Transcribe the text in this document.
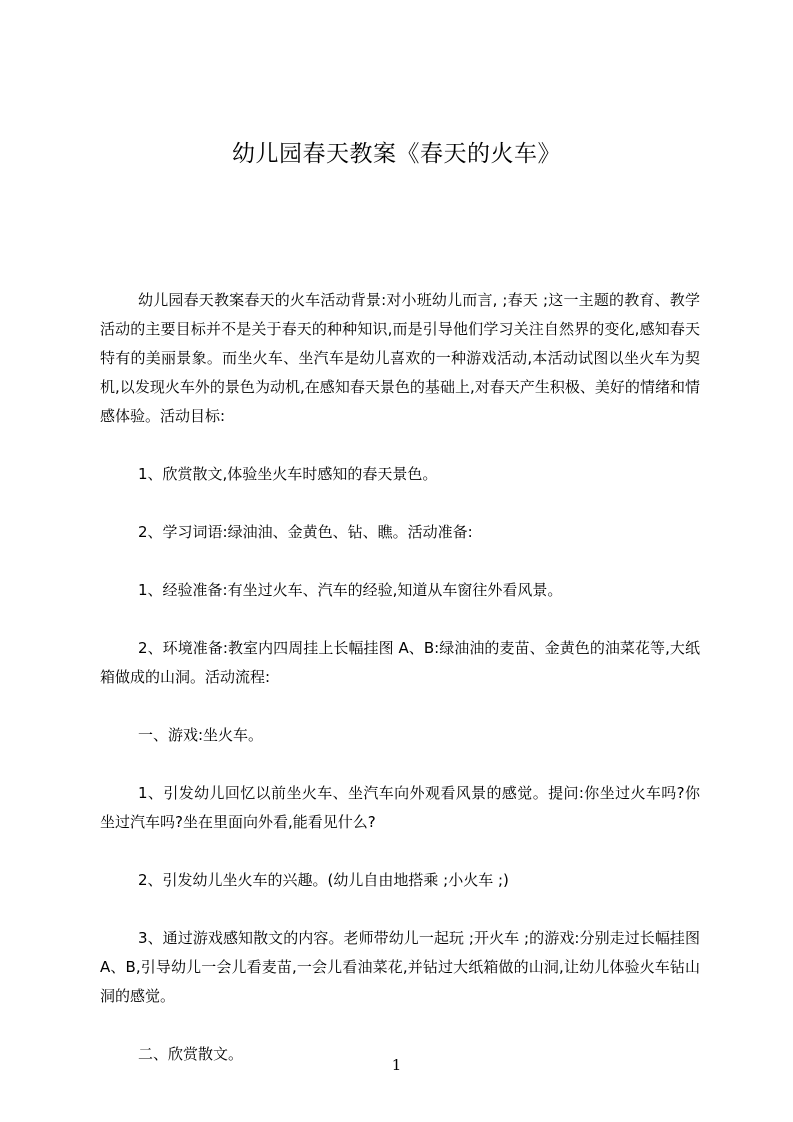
幼儿园春天教案《春天的火车》

幼儿园春天教案春天的火车活动背景:对小班幼儿而言, ;春天 ;这一主题的教育、教学活动的主要目标并不是关于春天的种种知识,而是引导他们学习关注自然界的变化,感知春天特有的美丽景象。而坐火车、坐汽车是幼儿喜欢的一种游戏活动,本活动试图以坐火车为契机,以发现火车外的景色为动机,在感知春天景色的基础上,对春天产生积极、美好的情绪和情感体验。活动目标:

1、欣赏散文,体验坐火车时感知的春天景色。

2、学习词语:绿油油、金黄色、钻、瞧。活动准备:

1、经验准备:有坐过火车、汽车的经验,知道从车窗往外看风景。

2、环境准备:教室内四周挂上长幅挂图 A、B:绿油油的麦苗、金黄色的油菜花等,大纸箱做成的山洞。活动流程:

一、游戏:坐火车。

1、引发幼儿回忆以前坐火车、坐汽车向外观看风景的感觉。提问:你坐过火车吗?你坐过汽车吗?坐在里面向外看,能看见什么?

2、引发幼儿坐火车的兴趣。(幼儿自由地搭乘 ;小火车 ;)

3、通过游戏感知散文的内容。老师带幼儿一起玩 ;开火车 ;的游戏:分别走过长幅挂图A、B,引导幼儿一会儿看麦苗,一会儿看油菜花,并钻过大纸箱做的山洞,让幼儿体验火车钻山洞的感觉。

二、欣赏散文。

1
